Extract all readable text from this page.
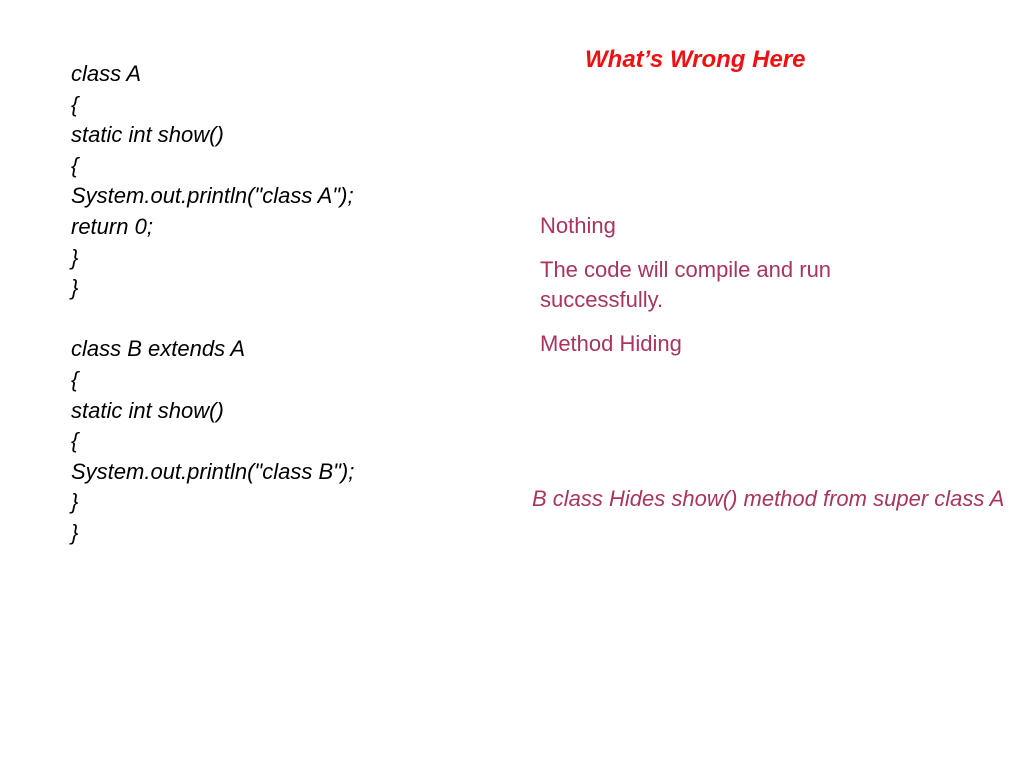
What’s Wrong Here
class A
{
static int show()
{
System.out.println("class A");
return 0;
}
}
class B extends A
{
static int show()
{
System.out.println("class B");
}
}

Nothing

The code will compile and run successfully.

Method Hiding

B class Hides show() method from super class A
